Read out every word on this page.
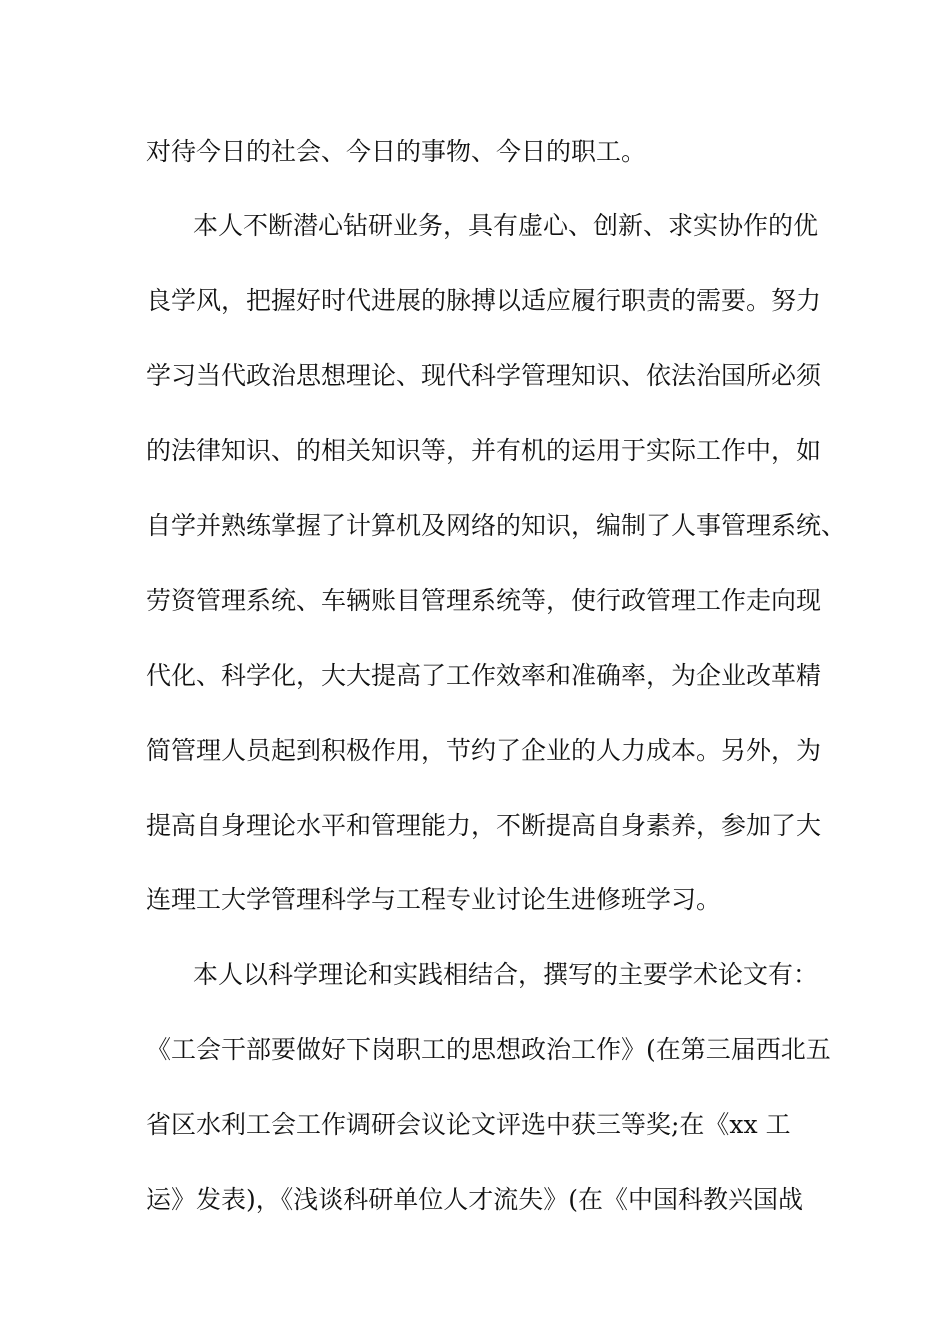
对待今日的社会、今日的事物、今日的职工。
本人不断潜心钻研业务，具有虚心、创新、求实协作的优
良学风，把握好时代进展的脉搏以适应履行职责的需要。努力
学习当代政治思想理论、现代科学管理知识、依法治国所必须
的法律知识、的相关知识等，并有机的运用于实际工作中，如
自学并熟练掌握了计算机及网络的知识，编制了人事管理系统、
劳资管理系统、车辆账目管理系统等，使行政管理工作走向现
代化、科学化，大大提高了工作效率和准确率，为企业改革精
简管理人员起到积极作用，节约了企业的人力成本。另外，为
提高自身理论水平和管理能力，不断提高自身素养，参加了大
连理工大学管理科学与工程专业讨论生进修班学习。
本人以科学理论和实践相结合，撰写的主要学术论文有：
《工会干部要做好下岗职工的思想政治工作》(在第三届西北五
省区水利工会工作调研会议论文评选中获三等奖;在《xx 工
运》发表)，《浅谈科研单位人才流失》(在《中国科教兴国战
